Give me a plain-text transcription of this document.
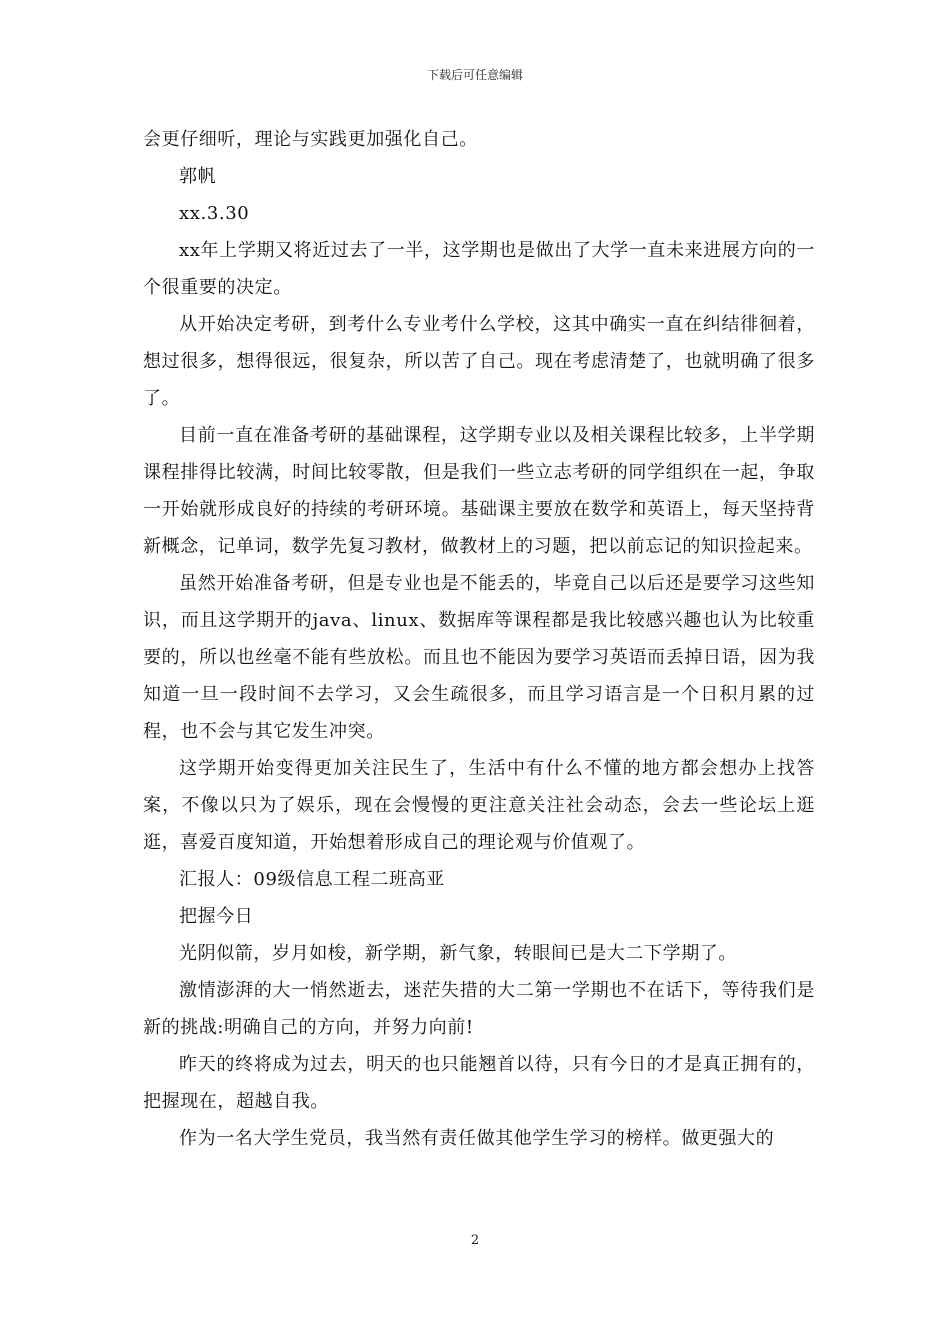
下载后可任意编辑

会更仔细听，理论与实践更加强化自己。

郭帆

xx.3.30

xx年上学期又将近过去了一半，这学期也是做出了大学一直未来进展方向的一个很重要的决定。

从开始决定考研，到考什么专业考什么学校，这其中确实一直在纠结徘徊着，想过很多，想得很远，很复杂，所以苦了自己。现在考虑清楚了，也就明确了很多了。

目前一直在准备考研的基础课程，这学期专业以及相关课程比较多，上半学期课程排得比较满，时间比较零散，但是我们一些立志考研的同学组织在一起，争取一开始就形成良好的持续的考研环境。基础课主要放在数学和英语上，每天坚持背新概念，记单词，数学先复习教材，做教材上的习题，把以前忘记的知识捡起来。

虽然开始准备考研，但是专业也是不能丢的，毕竟自己以后还是要学习这些知识，而且这学期开的java、linux、数据库等课程都是我比较感兴趣也认为比较重要的，所以也丝毫不能有些放松。而且也不能因为要学习英语而丢掉日语，因为我知道一旦一段时间不去学习，又会生疏很多，而且学习语言是一个日积月累的过程，也不会与其它发生冲突。

这学期开始变得更加关注民生了，生活中有什么不懂的地方都会想办上找答案，不像以只为了娱乐，现在会慢慢的更注意关注社会动态，会去一些论坛上逛逛，喜爱百度知道，开始想着形成自己的理论观与价值观了。

汇报人：09级信息工程二班高亚

把握今日

光阴似箭，岁月如梭，新学期，新气象，转眼间已是大二下学期了。

激情澎湃的大一悄然逝去，迷茫失措的大二第一学期也不在话下，等待我们是新的挑战:明确自己的方向，并努力向前!

昨天的终将成为过去，明天的也只能翘首以待，只有今日的才是真正拥有的，把握现在，超越自我。

作为一名大学生党员，我当然有责任做其他学生学习的榜样。做更强大的

2
